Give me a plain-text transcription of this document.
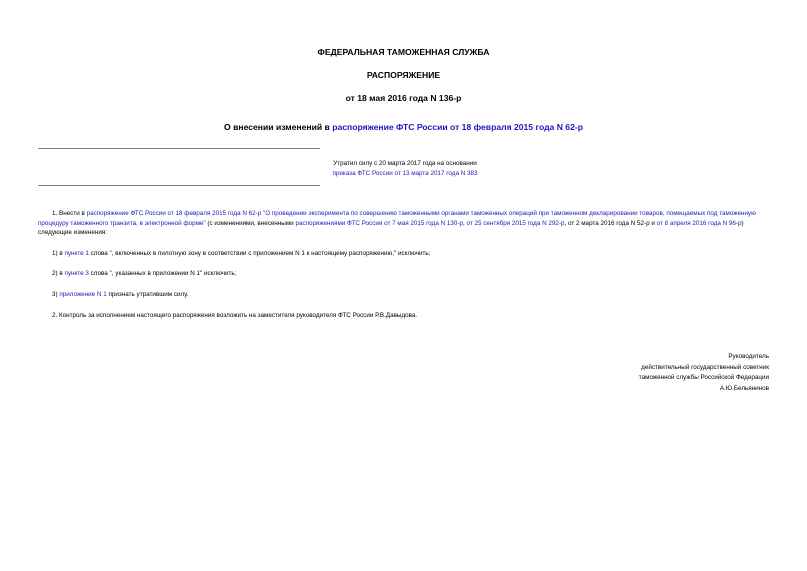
ФЕДЕРАЛЬНАЯ ТАМОЖЕННАЯ СЛУЖБА
РАСПОРЯЖЕНИЕ
от 18 мая 2016 года N 136-р
О внесении изменений в распоряжение ФТС России от 18 февраля 2015 года N 62-р
Утратил силу с 20 марта 2017 года на основании
приказа ФТС России от 13 марта 2017 года N 383
1. Внести в распоряжение ФТС России от 18 февраля 2015 года N 62-р "О проведении эксперимента по совершению таможенными органами таможенных операций при таможенном декларировании товаров, помещаемых под таможенную процедуру таможенного транзита, в электронной форме" (с изменениями, внесенными распоряжениями ФТС России от 7 мая 2015 года N 130-р, от 25 сентября 2015 года N 292-р, от 2 марта 2016 года N 52-р и от 8 апреля 2016 года N 96-р) следующие изменения:
1) в пункте 1 слова ", включенных в пилотную зону в соответствии с приложением N 1 к настоящему распоряжению," исключить;
2) в пункте 3 слова ", указанных в приложении N 1" исключить;
3) приложение N 1 признать утратившим силу.
2. Контроль за исполнением настоящего распоряжения возложить на заместителя руководителя ФТС России Р.В.Давыдова.
Руководитель
действительный государственный советник
таможенной службы Российской Федерации
А.Ю.Бельянинов
